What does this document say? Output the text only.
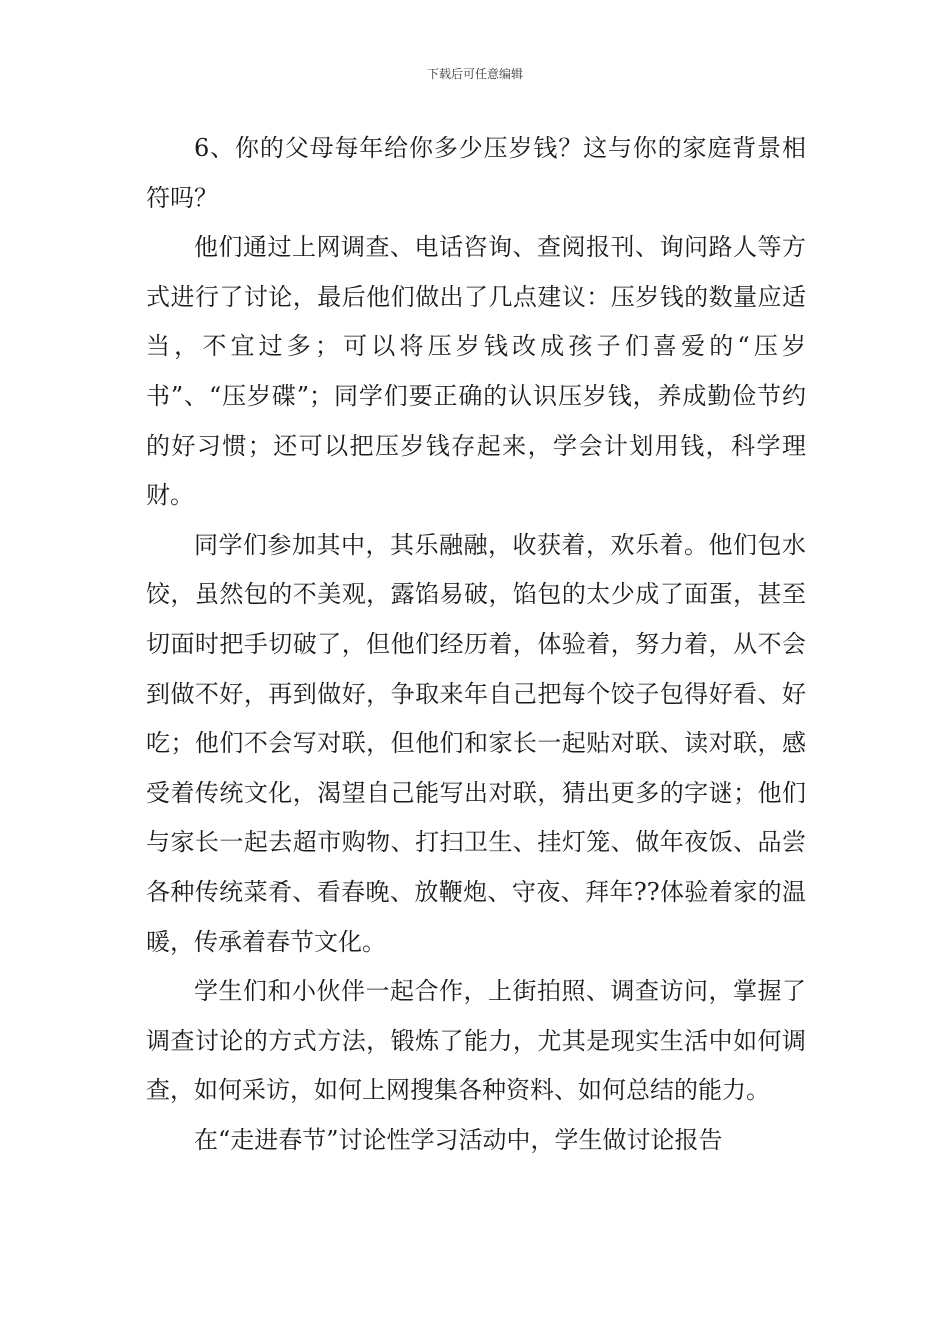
下载后可任意编辑

6、你的父母每年给你多少压岁钱？这与你的家庭背景相符吗？

他们通过上网调查、电话咨询、查阅报刊、询问路人等方式进行了讨论，最后他们做出了几点建议：压岁钱的数量应适当，不宜过多；可以将压岁钱改成孩子们喜爱的“压岁书”、“压岁碟”；同学们要正确的认识压岁钱，养成勤俭节约的好习惯；还可以把压岁钱存起来，学会计划用钱，科学理财。

同学们参加其中，其乐融融，收获着，欢乐着。他们包水饺，虽然包的不美观，露馅易破，馅包的太少成了面蛋，甚至切面时把手切破了，但他们经历着，体验着，努力着，从不会到做不好，再到做好，争取来年自己把每个饺子包得好看、好吃；他们不会写对联，但他们和家长一起贴对联、读对联，感受着传统文化，渴望自己能写出对联，猜出更多的字谜；他们与家长一起去超市购物、打扫卫生、挂灯笼、做年夜饭、品尝各种传统菜肴、看春晚、放鞭炮、守夜、拜年??体验着家的温暖，传承着春节文化。

学生们和小伙伴一起合作，上街拍照、调查访问，掌握了调查讨论的方式方法，锻炼了能力，尤其是现实生活中如何调查，如何采访，如何上网搜集各种资料、如何总结的能力。

在“走进春节”讨论性学习活动中，学生做讨论报告
